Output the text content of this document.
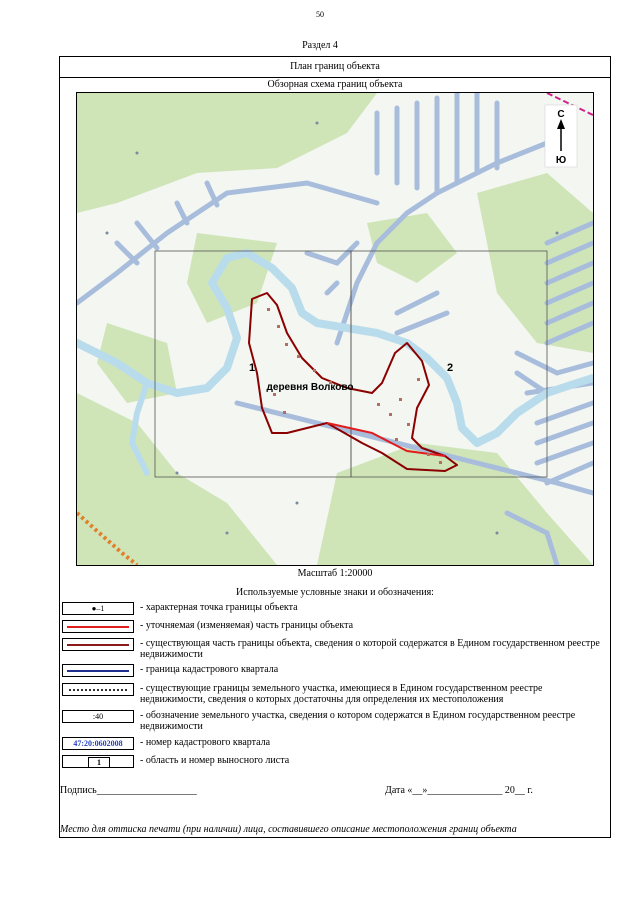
50
Раздел 4
План границ объекта
Обзорная схема границ объекта
С
Ю
1	2
деревня Волково
Масштаб 1:20000
Используемые условные знаки и обозначения:
●–1	- характерная точка границы объекта
- уточняемая (изменяемая) часть границы объекта
- существующая часть границы объекта, сведения о которой содержатся в Едином государственном реестре недвижимости
- граница кадастрового квартала
- существующие границы земельного участка, имеющиеся в Едином государственном реестре недвижимости, сведения о которых достаточны для определения их местоположения
:40	- обозначение земельного участка, сведения о котором содержатся в Едином государственном реестре недвижимости
47:20:0602008	- номер кадастрового квартала
1	- область и номер выносного листа
Подпись____________________	Дата «__»_______________ 20__ г.
Место для оттиска печати (при наличии) лица, составившего описание местоположения границ объекта
